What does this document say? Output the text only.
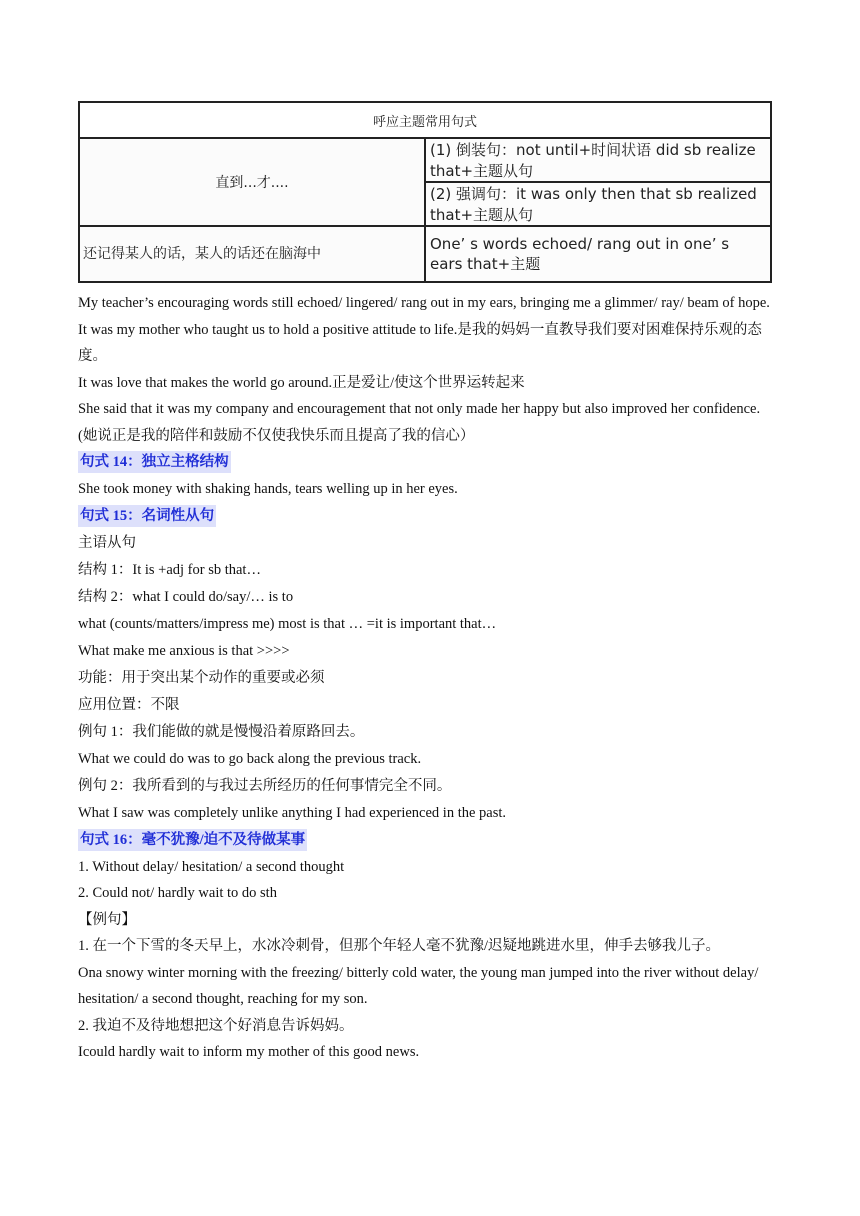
呼应主题常用句式	
直到...才....	(1) 倒装句：not until+时间状语 did sb realize that+主题从句
	(2) 强调句：it was only then that sb realized that+主题从句
还记得某人的话，某人的话还在脑海中	One’ s words echoed/ rang out in one’ s ears that+主题

My teacher’s encouraging words still echoed/ lingered/ rang out in my ears, bringing me a glimmer/ ray/ beam of hope.

It was my mother who taught us to hold a positive attitude to life.是我的妈妈一直教导我们要对困难保持乐观的态度。

It was love that makes the world go around.正是爱让/使这个世界运转起来

She said that it was my company and encouragement that not only made her happy but also improved her confidence.(她说正是我的陪伴和鼓励不仅使我快乐而且提高了我的信心）

句式 14：独立主格结构

She took money with shaking hands, tears welling up in her eyes.

句式 15：名词性从句

主语从句

结构 1：It is +adj for sb that…

结构 2：what I could do/say/… is to

what (counts/matters/impress me) most is that … =it is important that…

What make me anxious is that >>>>

功能：用于突出某个动作的重要或必须

应用位置：不限

例句 1：我们能做的就是慢慢沿着原路回去。

What we could do was to go back along the previous track.

例句 2：我所看到的与我过去所经历的任何事情完全不同。

What I saw was completely unlike anything I had experienced in the past.

句式 16：毫不犹豫/迫不及待做某事

1. Without delay/ hesitation/ a second thought

2. Could not/ hardly wait to do sth

【例句】

1. 在一个下雪的冬天早上，水冰冷刺骨，但那个年轻人毫不犹豫/迟疑地跳进水里，伸手去够我儿子。

Ona snowy winter morning with the freezing/ bitterly cold water, the young man jumped into the river without delay/ hesitation/ a second thought, reaching for my son.

2. 我迫不及待地想把这个好消息告诉妈妈。

Icould hardly wait to inform my mother of this good news.
